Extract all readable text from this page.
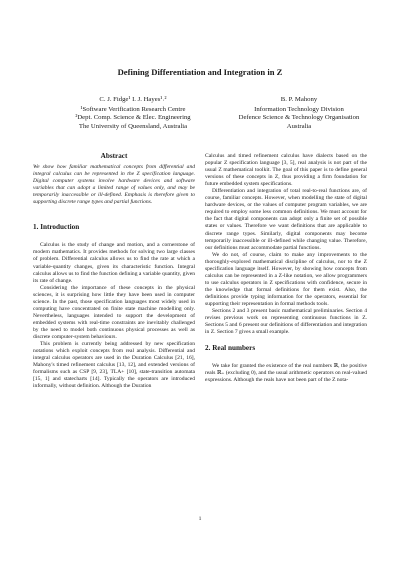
Defining Differentiation and Integration in Z
C. J. Fidge¹ I. J. Hayes¹˒²
¹Software Verification Research Centre
²Dept. Comp. Science & Elec. Engineering
The University of Queensland, Australia
B. P. Mahony
Information Technology Division
Defence Science & Technology Organisation
Australia
Abstract

We show how familiar mathematical concepts from differential and integral calculus can be represented in the Z specification language. Digital computer systems involve hardware devices and software variables that can adopt a limited range of values only, and may be temporarily inaccessible or ill-defined. Emphasis is therefore given to supporting discrete range types and partial functions.

1. Introduction

Calculus is the study of change and motion, and a cornerstone of modern mathematics. It provides methods for solving two large classes of problem. Differential calculus allows us to find the rate at which a variable-quantity changes, given its characteristic function. Integral calculus allows us to find the function defining a variable quantity, given its rate of change.

Considering the importance of these concepts in the physical sciences, it is surprising how little they have been used in computer science. In the past, those specification languages most widely used in computing have concentrated on finite state machine modelling only. Nevertheless, languages intended to support the development of embedded systems with real-time constraints are inevitably challenged by the need to model both continuous physical processes as well as discrete computer-system behaviours.

This problem is currently being addressed by new specification notations which exploit concepts from real analysis. Differential and integral calculus operators are used in the Duration Calculus [21, 16], Mahony's timed refinement calculus [13, 12], and extended versions of formalisms such as CSP [9, 23], TLA+ [10], state-transition automata [15, 1] and statecharts [14]. Typically the operators are introduced informally, without definition. Although the Duration

Calculus and timed refinement calculus have dialects based on the popular Z specification language [3, 5], real analysis is not part of the usual Z mathematical toolkit. The goal of this paper is to define general versions of these concepts in Z, thus providing a firm foundation for future embedded system specifications.

Differentiation and integration of total real-to-real functions are, of course, familiar concepts. However, when modelling the state of digital hardware devices, or the values of computer program variables, we are required to employ some less common definitions. We must account for the fact that digital components can adopt only a finite set of possible states or values. Therefore we want definitions that are applicable to discrete range types. Similarly, digital components may become temporarily inaccessible or ill-defined while changing value. Therefore, our definitions must accommodate partial functions.

We do not, of course, claim to make any improvements to the thoroughly-explored mathematical discipline of calculus, nor to the Z specification language itself. However, by showing how concepts from calculus can be represented in a Z-like notation, we allow programmers to use calculus operators in Z specifications with confidence, secure in the knowledge that formal definitions for them exist. Also, the definitions provide typing information for the operators, essential for supporting their representation in formal methods tools.

Sections 2 and 3 present basic mathematical preliminaries. Section 4 revises previous work on representing continuous functions in Z. Sections 5 and 6 present our definitions of differentiation and integration in Z. Section 7 gives a small example.

2. Real numbers

We take for granted the existence of the real numbers ℝ, the positive reals ℝ₊ (excluding 0), and the usual arithmetic operators on real-valued expressions. Although the reals have not been part of the Z nota-

1
